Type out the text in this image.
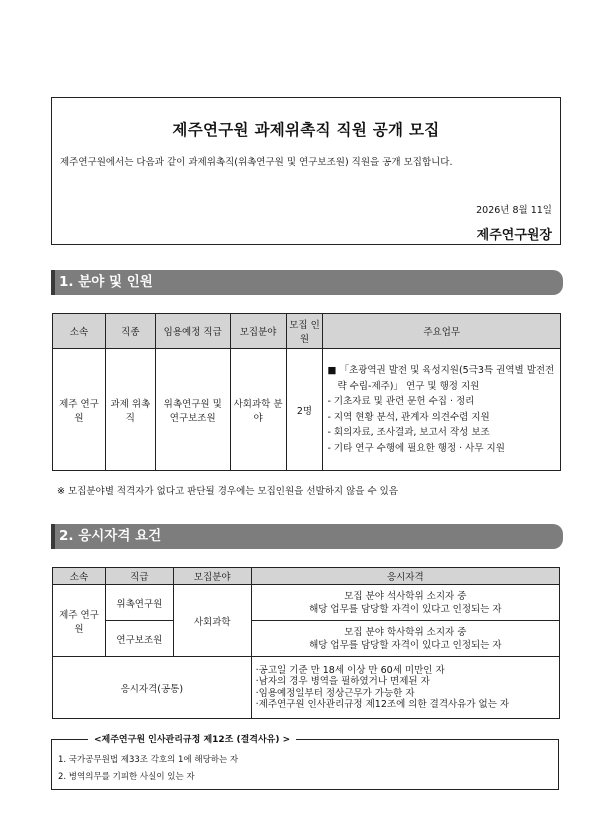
제주연구원 과제위촉직 직원 공개 모집
제주연구원에서는 다음과 같이 과제위촉직(위촉연구원 및 연구보조원) 직원을 공개 모집합니다.
2026년 8월 11일
제주연구원장
1. 분야 및 인원
소속	직종	임용예정 직급	모집분야	모집 인원	주요업무
제주 연구원	과제 위촉직	위촉연구원 및 연구보조원	사회과학 분야	2명	■ 「초광역권 발전 및 육성지원(5극3특 권역별 발전전략 수립-제주)」 연구 및 행정 지원
- 기초자료 및 관련 문헌 수집 · 정리
- 지역 현황 분석, 관계자 의견수렴 지원
- 회의자료, 조사결과, 보고서 작성 보조
- 기타 연구 수행에 필요한 행정 · 사무 지원
※ 모집분야별 적격자가 없다고 판단될 경우에는 모집인원을 선발하지 않을 수 있음
2. 응시자격 요건
소속	직급	모집분야	응시자격
제주 연구원	위촉연구원	사회과학	모집 분야 석사학위 소지자 중
해당 업무를 담당할 자격이 있다고 인정되는 자

	연구보조원		모집 분야 학사학위 소지자 중
해당 업무를 담당할 자격이 있다고 인정되는 자

응시자격(공통)			·공고일 기준 만 18세 이상 만 60세 미만인 자
·남자의 경우 병역을 필하였거나 면제된 자
·임용예정일부터 정상근무가 가능한 자
·제주연구원 인사관리규정 제12조에 의한 결격사유가 없는 자
<제주연구원 인사관리규정 제12조 (결격사유) >
1. 국가공무원법 제33조 각호의 1에 해당하는 자
2. 병역의무를 기피한 사실이 있는 자
